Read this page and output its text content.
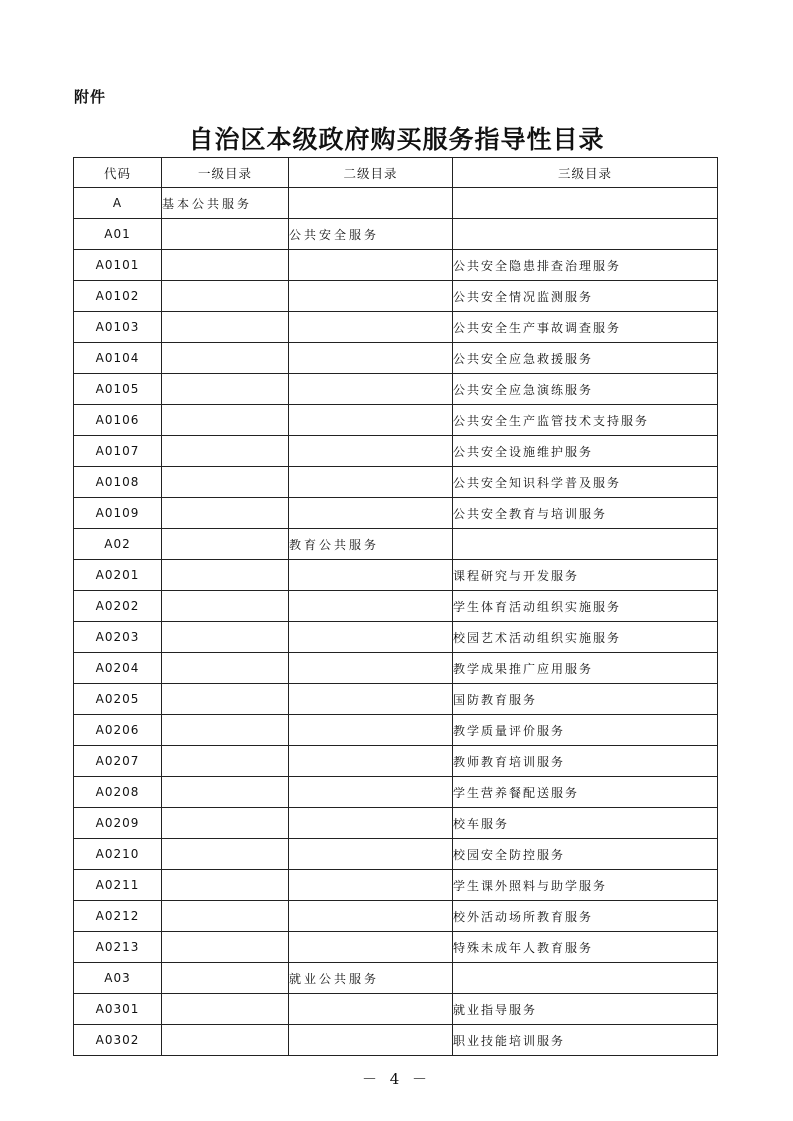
附件
自治区本级政府购买服务指导性目录
代码	一级目录	二级目录	三级目录
A	基本公共服务		
A01		公共安全服务	
A0101			公共安全隐患排查治理服务
A0102			公共安全情况监测服务
A0103			公共安全生产事故调查服务
A0104			公共安全应急救援服务
A0105			公共安全应急演练服务
A0106			公共安全生产监管技术支持服务
A0107			公共安全设施维护服务
A0108			公共安全知识科学普及服务
A0109			公共安全教育与培训服务
A02		教育公共服务	
A0201			课程研究与开发服务
A0202			学生体育活动组织实施服务
A0203			校园艺术活动组织实施服务
A0204			教学成果推广应用服务
A0205			国防教育服务
A0206			教学质量评价服务
A0207			教师教育培训服务
A0208			学生营养餐配送服务
A0209			校车服务
A0210			校园安全防控服务
A0211			学生课外照料与助学服务
A0212			校外活动场所教育服务
A0213			特殊未成年人教育服务
A03		就业公共服务	
A0301			就业指导服务
A0302			职业技能培训服务
－ 4 －
